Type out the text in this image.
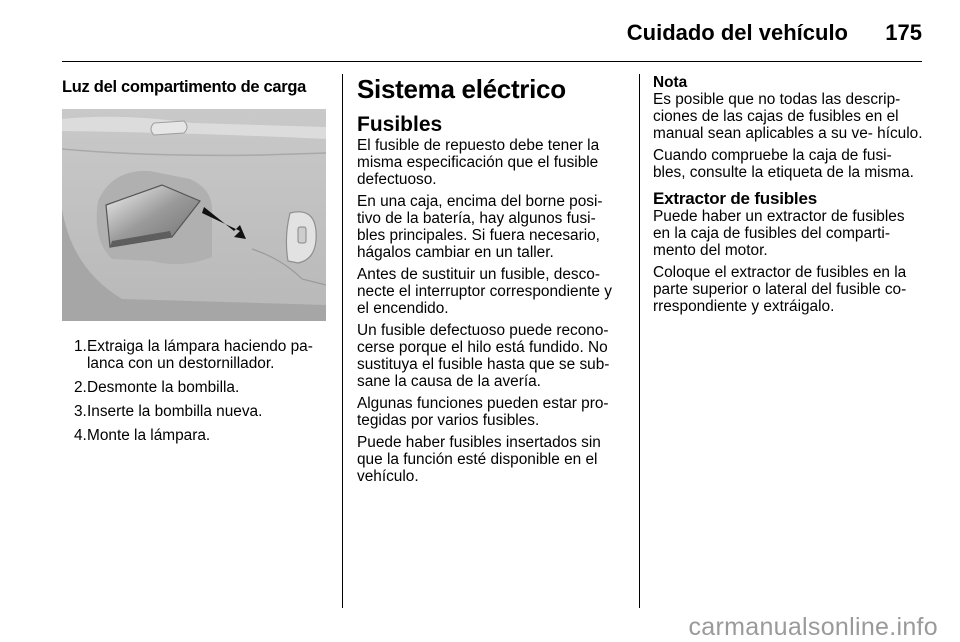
Cuidado del vehículo 175
Luz del compartimento de carga
1. Extraiga la lámpara haciendo pa- lanca con un destornillador.
2. Desmonte la bombilla.
3. Inserte la bombilla nueva.
4. Monte la lámpara.
Sistema eléctrico
Fusibles

El fusible de repuesto debe tener la misma especificación que el fusible defectuoso.

En una caja, encima del borne posi- tivo de la batería, hay algunos fusi- bles principales. Si fuera necesario, hágalos cambiar en un taller.

Antes de sustituir un fusible, desco- necte el interruptor correspondiente y el encendido.

Un fusible defectuoso puede recono- cerse porque el hilo está fundido. No sustituya el fusible hasta que se sub- sane la causa de la avería.

Algunas funciones pueden estar pro- tegidas por varios fusibles.

Puede haber fusibles insertados sin que la función esté disponible en el vehículo.

Nota

Es posible que no todas las descrip- ciones de las cajas de fusibles en el manual sean aplicables a su ve- hículo.

Cuando compruebe la caja de fusi- bles, consulte la etiqueta de la misma.

Extractor de fusibles

Puede haber un extractor de fusibles en la caja de fusibles del comparti- mento del motor.

Coloque el extractor de fusibles en la parte superior o lateral del fusible co- rrespondiente y extráigalo.

carmanualsonline.info
